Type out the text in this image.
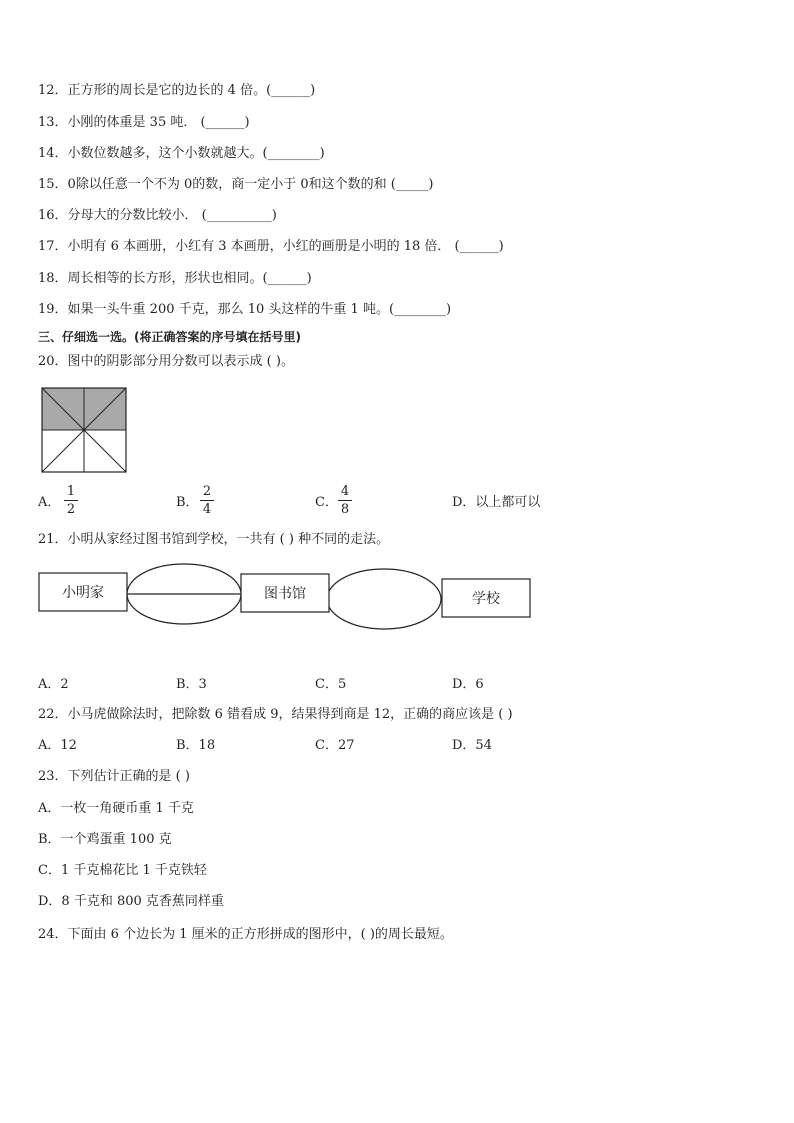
12．正方形的周长是它的边长的 4 倍。(______)
13．小刚的体重是 35 吨． (______)
14．小数位数越多，这个小数就越大。(________)
15．0除以任意一个不为 0的数，商一定小于 0和这个数的和 (_____)
16．分母大的分数比较小． (__________)
17．小明有 6 本画册，小红有 3 本画册，小红的画册是小明的 18 倍． (______)
18．周长相等的长方形，形状也相同。(______)
19．如果一头牛重 200 千克，那么 10 头这样的牛重 1 吨。(________)
三、仔细选一选。(将正确答案的序号填在括号里)
20．图中的阴影部分用分数可以表示成 ( )。
A．
1
2	B．
2
4	C．
4
8	D．以上都可以
21．小明从家经过图书馆到学校，一共有 ( ) 种不同的走法。
小明家	图书馆	学校
A．2	B．3	C．5	D．6
22．小马虎做除法时，把除数 6 错看成 9，结果得到商是 12，正确的商应该是 ( )
A．12	B．18	C．27	D．54
23．下列估计正确的是 ( )
A．一枚一角硬币重 1 千克
B．一个鸡蛋重 100 克
C．1 千克棉花比 1 千克铁轻
D．8 千克和 800 克香蕉同样重
24．下面由 6 个边长为 1 厘米的正方形拼成的图形中，( )的周长最短。
